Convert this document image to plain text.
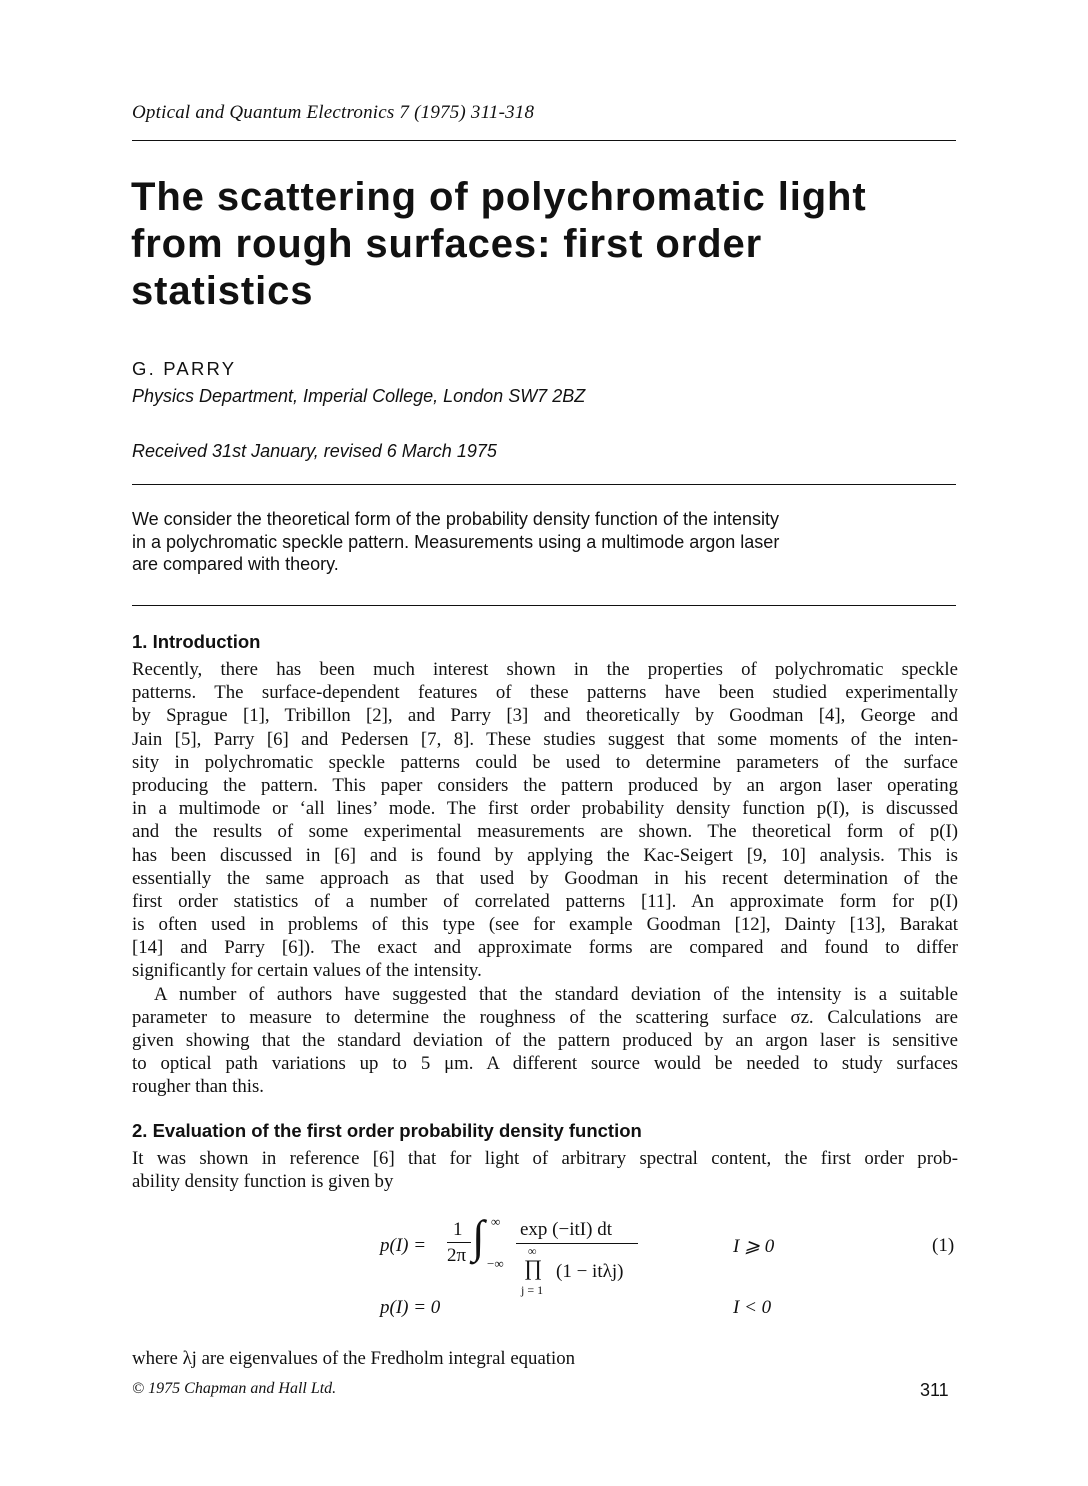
Optical and Quantum Electronics 7 (1975) 311-318
The scattering of polychromatic light
from rough surfaces: first order
statistics
G. PARRY
Physics Department, Imperial College, London SW7 2BZ
Received 31st January, revised 6 March 1975
We consider the theoretical form of the probability density function of the intensity
in a polychromatic speckle pattern. Measurements using a multimode argon laser
are compared with theory.
1. Introduction
Recently, there has been much interest shown in the properties of polychromatic speckle
patterns. The surface-dependent features of these patterns have been studied experimentally
by Sprague [1], Tribillon [2], and Parry [3] and theoretically by Goodman [4], George and
Jain [5], Parry [6] and Pedersen [7, 8]. These studies suggest that some moments of the inten-
sity in polychromatic speckle patterns could be used to determine parameters of the surface
producing the pattern. This paper considers the pattern produced by an argon laser operating
in a multimode or ‘all lines’ mode. The first order probability density function p(I), is discussed
and the results of some experimental measurements are shown. The theoretical form of p(I)
has been discussed in [6] and is found by applying the Kac-Seigert [9, 10] analysis. This is
essentially the same approach as that used by Goodman in his recent determination of the
first order statistics of a number of correlated patterns [11]. An approximate form for p(I)
is often used in problems of this type (see for example Goodman [12], Dainty [13], Barakat
[14] and Parry [6]). The exact and approximate forms are compared and found to differ
significantly for certain values of the intensity.
A number of authors have suggested that the standard deviation of the intensity is a suitable
parameter to measure to determine the roughness of the scattering surface σz. Calculations are
given showing that the standard deviation of the pattern produced by an argon laser is sensitive
to optical path variations up to 5 μm. A different source would be needed to study surfaces
rougher than this.
2. Evaluation of the first order probability density function
It was shown in reference [6] that for light of arbitrary spectral content, the first order prob-
ability density function is given by
p(I) =
1
2π ∫ ∞
−∞
exp (−itI) dt
∞
∏ (1 − itλj)
j = 1
I ⩾ 0	(1)
p(I) = 0	I < 0
where λj are eigenvalues of the Fredholm integral equation
© 1975 Chapman and Hall Ltd.	311
